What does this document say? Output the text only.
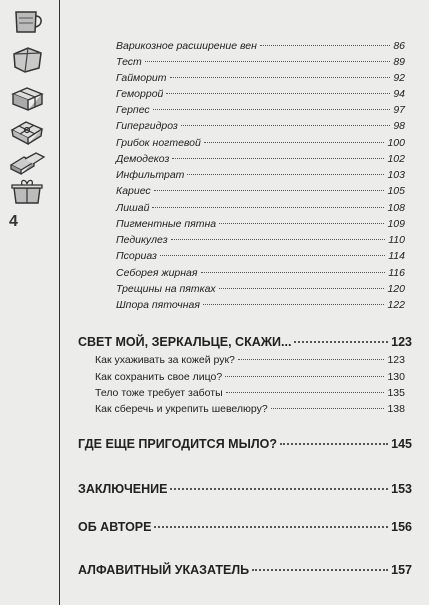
4
Варикозное расширение вен	86
Тест	89
Гайморит	92
Геморрой	94
Герпес	97
Гипергидроз	98
Грибок ногтевой	100
Демодекоз	102
Инфильтрат	103
Кариес	105
Лишай	108
Пигментные пятна	109
Педикулез	110
Псориаз	114
Себорея жирная	116
Трещины на пятках	120
Шпора пяточная	122
СВЕТ МОЙ, ЗЕРКАЛЬЦЕ, СКАЖИ...	123
Как ухаживать за кожей рук?	123
Как сохранить свое лицо?	130
Тело тоже требует заботы	135
Как сберечь и укрепить шевелюру?	138
ГДЕ ЕЩЕ ПРИГОДИТСЯ МЫЛО?	145
ЗАКЛЮЧЕНИЕ	153
ОБ АВТОРЕ	156
АЛФАВИТНЫЙ УКАЗАТЕЛЬ	157
